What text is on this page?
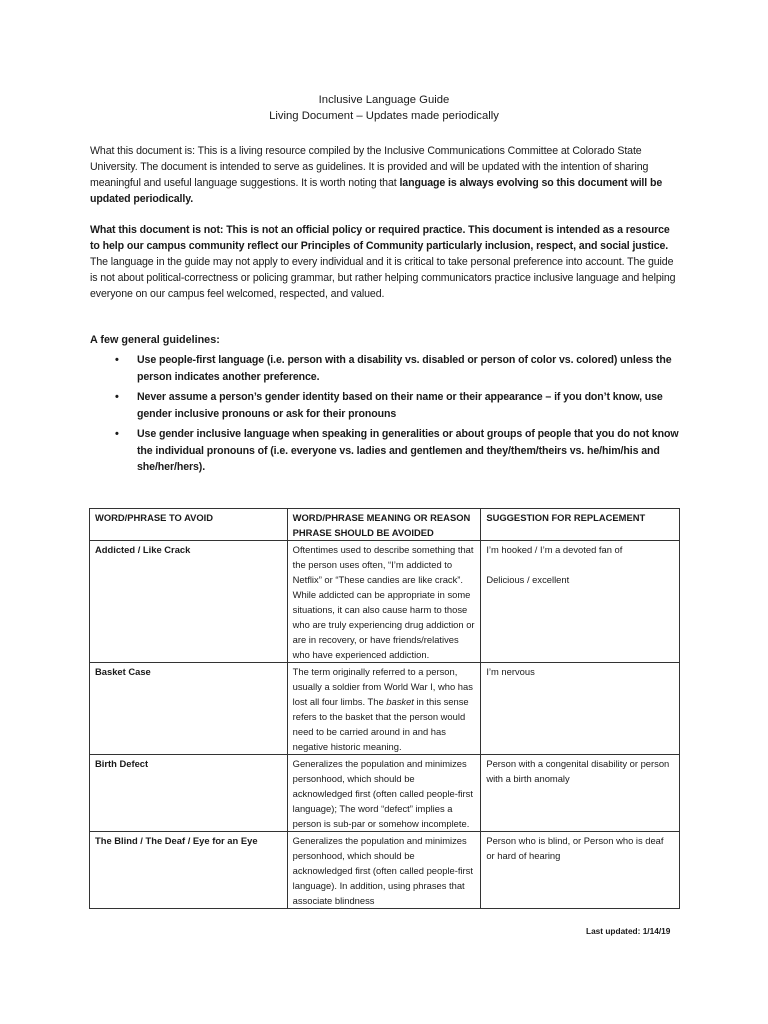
Inclusive Language Guide
Living Document – Updates made periodically
What this document is: This is a living resource compiled by the Inclusive Communications Committee at Colorado State University. The document is intended to serve as guidelines. It is provided and will be updated with the intention of sharing meaningful and useful language suggestions. It is worth noting that language is always evolving so this document will be updated periodically.
What this document is not: This is not an official policy or required practice. This document is intended as a resource to help our campus community reflect our Principles of Community particularly inclusion, respect, and social justice. The language in the guide may not apply to every individual and it is critical to take personal preference into account. The guide is not about political-correctness or policing grammar, but rather helping communicators practice inclusive language and helping everyone on our campus feel welcomed, respected, and valued.
A few general guidelines:
• Use people-first language (i.e. person with a disability vs. disabled or person of color vs. colored) unless the person indicates another preference.
• Never assume a person’s gender identity based on their name or their appearance – if you don’t know, use gender inclusive pronouns or ask for their pronouns
• Use gender inclusive language when speaking in generalities or about groups of people that you do not know the individual pronouns of (i.e. everyone vs. ladies and gentlemen and they/them/theirs vs. he/him/his and she/her/hers).
WORD/PHRASE TO AVOID	WORD/PHRASE MEANING OR REASON PHRASE SHOULD BE AVOIDED	SUGGESTION FOR REPLACEMENT
Addicted / Like Crack	Oftentimes used to describe something that the person uses often, “I’m addicted to Netflix” or “These candies are like crack”. While addicted can be appropriate in some situations, it can also cause harm to those who are truly experiencing drug addiction or are in recovery, or have friends/relatives who have experienced addiction.	I’m hooked / I’m a devoted fan of
Delicious / excellent
Basket Case	The term originally referred to a person, usually a soldier from World War I, who has lost all four limbs. The basket in this sense refers to the basket that the person would need to be carried around in and has negative historic meaning.	I’m nervous
Birth Defect	Generalizes the population and minimizes personhood, which should be acknowledged first (often called people-first language); The word “defect” implies a person is sub-par or somehow incomplete.	Person with a congenital disability or person with a birth anomaly
The Blind / The Deaf / Eye for an Eye	Generalizes the population and minimizes personhood, which should be acknowledged first (often called people-first language). In addition, using phrases that associate blindness	Person who is blind, or Person who is deaf or hard of hearing
Last updated: 1/14/19
